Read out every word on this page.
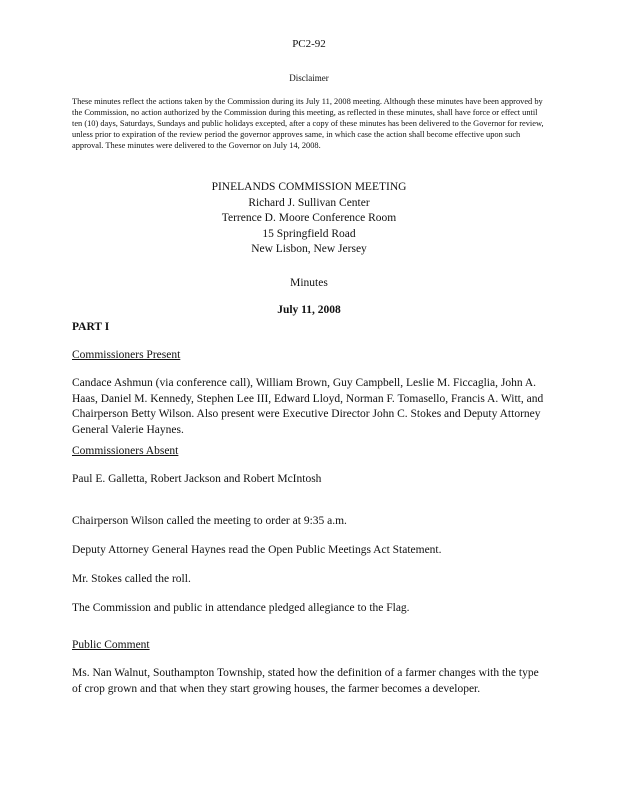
PC2-92
Disclaimer
These minutes reflect the actions taken by the Commission during its July 11, 2008 meeting. Although these minutes have been approved by the Commission, no action authorized by the Commission during this meeting, as reflected in these minutes, shall have force or effect until ten (10) days, Saturdays, Sundays and public holidays excepted, after a copy of these minutes has been delivered to the Governor for review, unless prior to expiration of the review period the governor approves same, in which case the action shall become effective upon such approval. These minutes were delivered to the Governor on July 14, 2008.
PINELANDS COMMISSION MEETING
Richard J. Sullivan Center
Terrence D. Moore Conference Room
15 Springfield Road
New Lisbon, New Jersey
Minutes
July 11, 2008
PART I
Commissioners Present
Candace Ashmun (via conference call), William Brown, Guy Campbell, Leslie M. Ficcaglia, John A. Haas, Daniel M. Kennedy, Stephen Lee III, Edward Lloyd, Norman F. Tomasello, Francis A. Witt, and Chairperson Betty Wilson. Also present were Executive Director John C. Stokes and Deputy Attorney General Valerie Haynes.
Commissioners Absent
Paul E. Galletta, Robert Jackson and Robert McIntosh
Chairperson Wilson called the meeting to order at 9:35 a.m.
Deputy Attorney General Haynes read the Open Public Meetings Act Statement.
Mr. Stokes called the roll.
The Commission and public in attendance pledged allegiance to the Flag.
Public Comment
Ms. Nan Walnut, Southampton Township, stated how the definition of a farmer changes with the type of crop grown and that when they start growing houses, the farmer becomes a developer.
